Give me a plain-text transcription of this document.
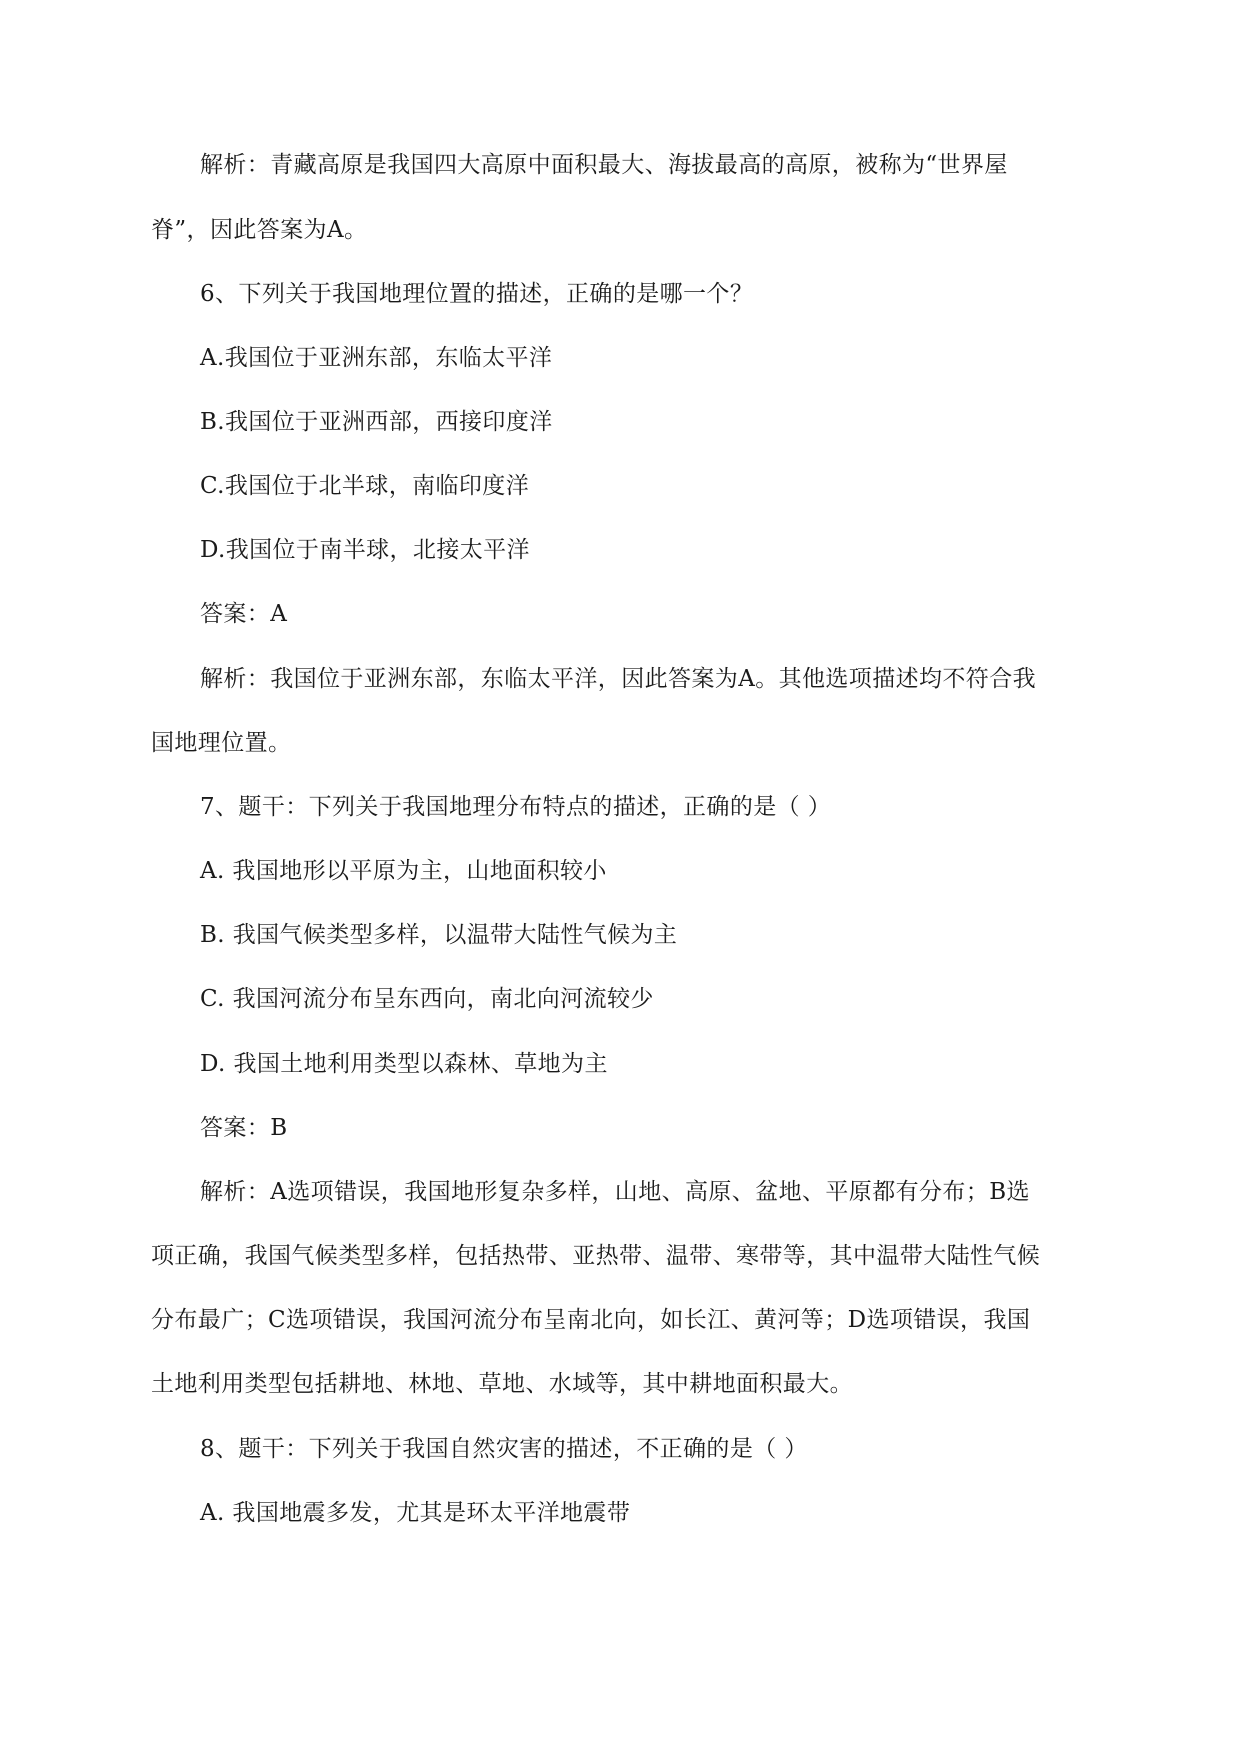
解析：青藏高原是我国四大高原中面积最大、海拔最高的高原，被称为“世界屋
脊”，因此答案为A。
6、下列关于我国地理位置的描述，正确的是哪一个？
A.我国位于亚洲东部，东临太平洋
B.我国位于亚洲西部，西接印度洋
C.我国位于北半球，南临印度洋
D.我国位于南半球，北接太平洋
答案：A
解析：我国位于亚洲东部，东临太平洋，因此答案为A。其他选项描述均不符合我
国地理位置。
7、题干：下列关于我国地理分布特点的描述，正确的是（ ）
A. 我国地形以平原为主，山地面积较小
B. 我国气候类型多样，以温带大陆性气候为主
C. 我国河流分布呈东西向，南北向河流较少
D. 我国土地利用类型以森林、草地为主
答案：B
解析：A选项错误，我国地形复杂多样，山地、高原、盆地、平原都有分布；B选
项正确，我国气候类型多样，包括热带、亚热带、温带、寒带等，其中温带大陆性气候
分布最广；C选项错误，我国河流分布呈南北向，如长江、黄河等；D选项错误，我国
土地利用类型包括耕地、林地、草地、水域等，其中耕地面积最大。
8、题干：下列关于我国自然灾害的描述，不正确的是（ ）
A. 我国地震多发，尤其是环太平洋地震带
